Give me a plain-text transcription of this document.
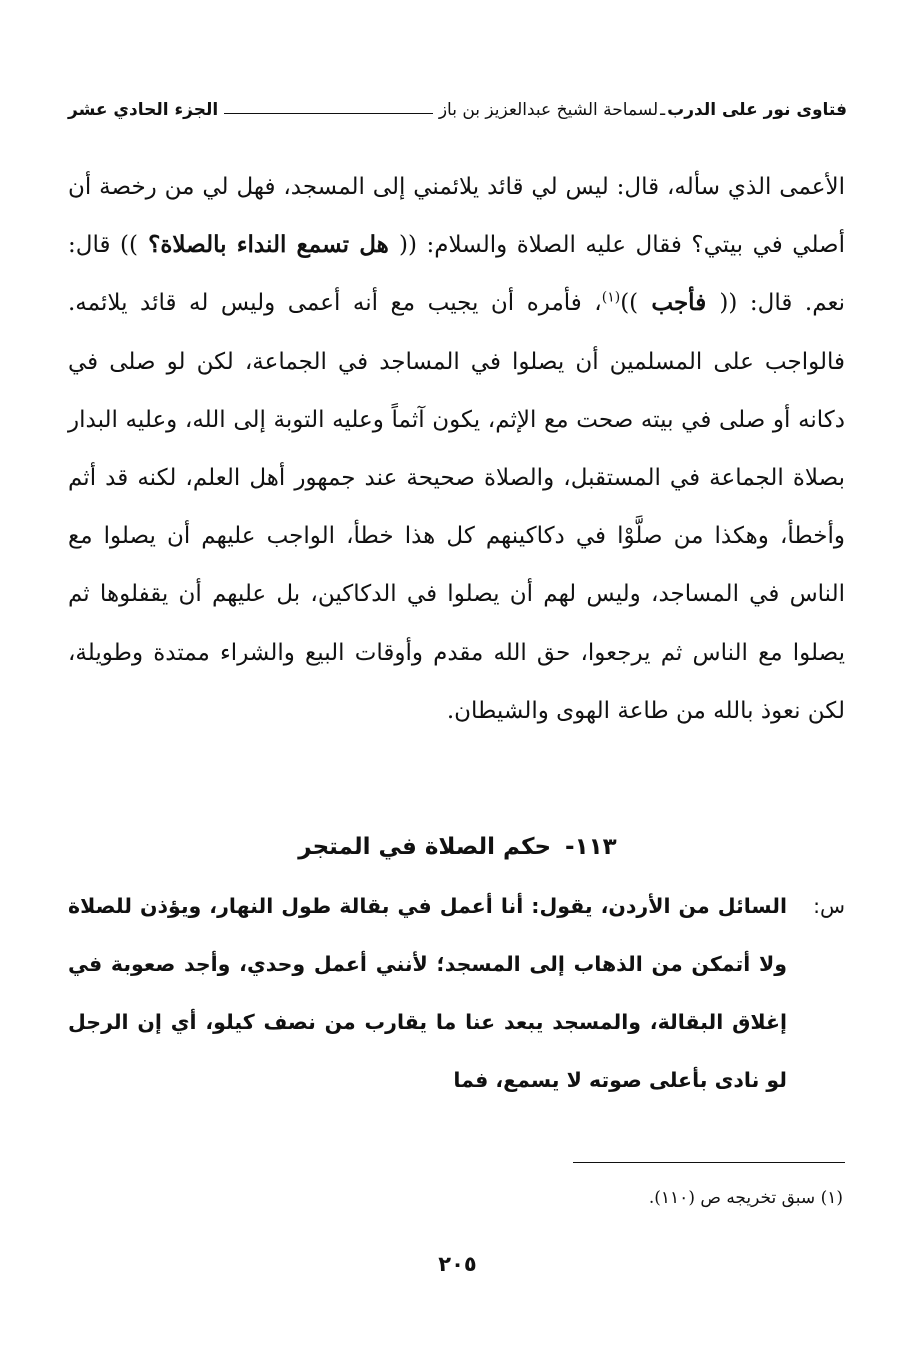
فتاوى نور على الدرب
ـ
لسماحة الشيخ عبدالعزيز بن باز
الجزء الحادي عشر
الأعمى الذي سأله، قال: ليس لي قائد يلائمني إلى المسجد، فهل لي من رخصة أن أصلي في بيتي؟ فقال عليه الصلاة والسلام: (( هل تسمع النداء بالصلاة؟ )) قال: نعم. قال: (( فأجب ))$^{(١)}$، فأمره أن يجيب مع أنه أعمى وليس له قائد يلائمه. فالواجب على المسلمين أن يصلوا في المساجد في الجماعة، لكن لو صلى في دكانه أو صلى في بيته صحت مع الإثم، يكون آثماً وعليه التوبة إلى الله، وعليه البدار بصلاة الجماعة في المستقبل، والصلاة صحيحة عند جمهور أهل العلم، لكنه قد أثم وأخطأ، وهكذا من صلَّوْا في دكاكينهم كل هذا خطأ، الواجب عليهم أن يصلوا مع الناس في المساجد، وليس لهم أن يصلوا في الدكاكين، بل عليهم أن يقفلوها ثم يصلوا مع الناس ثم يرجعوا، حق الله مقدم وأوقات البيع والشراء ممتدة وطويلة، لكن نعوذ بالله من طاعة الهوى والشيطان.
١١٣-حكم الصلاة في المتجر
س:
السائل من الأردن، يقول: أنا أعمل في بقالة طول النهار، ويؤذن للصلاة ولا أتمكن من الذهاب إلى المسجد؛ لأنني أعمل وحدي، وأجد صعوبة في إغلاق البقالة، والمسجد يبعد عنا ما يقارب من نصف كيلو، أي إن الرجل لو نادى بأعلى صوته لا يسمع، فما
(١) سبق تخريجه ص (١١٠).
٢٠٥
